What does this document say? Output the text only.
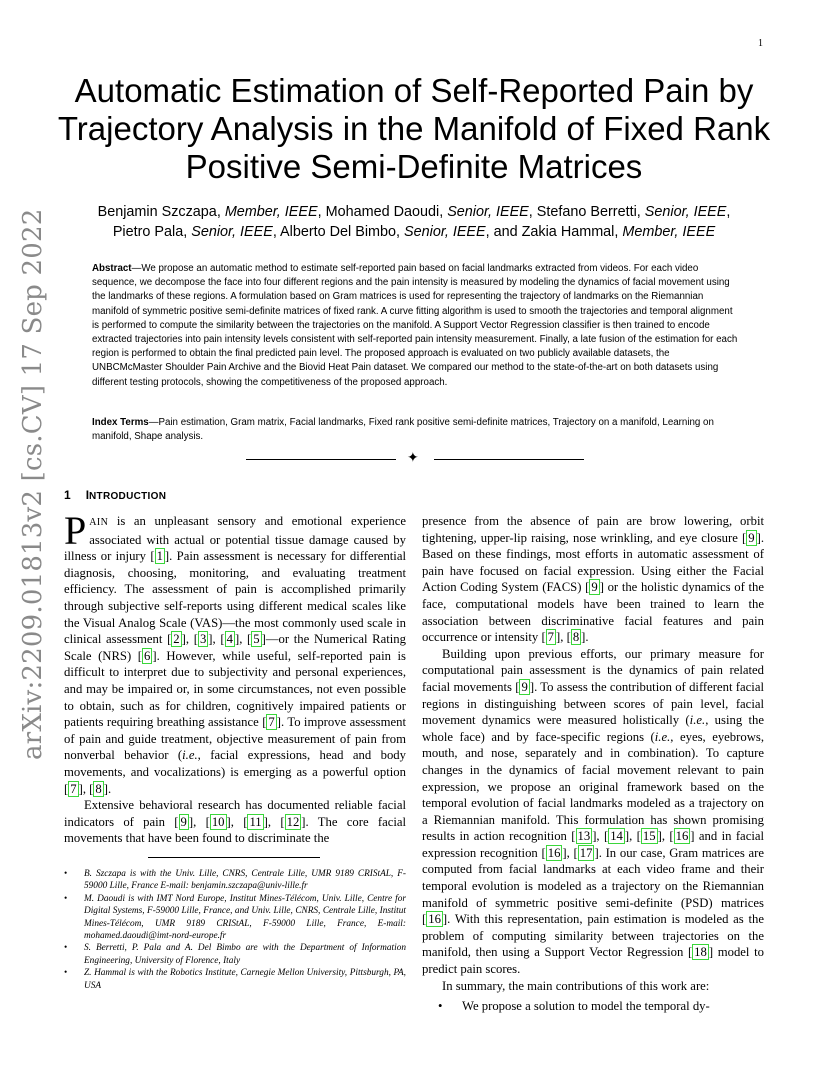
1
arXiv:2209.01813v2 [cs.CV] 17 Sep 2022
Automatic Estimation of Self-Reported Pain by Trajectory Analysis in the Manifold of Fixed Rank Positive Semi-Definite Matrices

Benjamin Szczapa, Member, IEEE, Mohamed Daoudi, Senior, IEEE, Stefano Berretti, Senior, IEEE,
Pietro Pala, Senior, IEEE, Alberto Del Bimbo, Senior, IEEE, and Zakia Hammal, Member, IEEE

Abstract—We propose an automatic method to estimate self-reported pain based on facial landmarks extracted from videos. For each video sequence, we decompose the face into four different regions and the pain intensity is measured by modeling the dynamics of facial movement using the landmarks of these regions. A formulation based on Gram matrices is used for representing the trajectory of landmarks on the Riemannian manifold of symmetric positive semi-definite matrices of fixed rank. A curve fitting algorithm is used to smooth the trajectories and temporal alignment is performed to compute the similarity between the trajectories on the manifold. A Support Vector Regression classifier is then trained to encode extracted trajectories into pain intensity levels consistent with self-reported pain intensity measurement. Finally, a late fusion of the estimation for each region is performed to obtain the final predicted pain level. The proposed approach is evaluated on two publicly available datasets, the UNBCMcMaster Shoulder Pain Archive and the Biovid Heat Pain dataset. We compared our method to the state-of-the-art on both datasets using different testing protocols, showing the competitiveness of the proposed approach.

Index Terms—Pain estimation, Gram matrix, Facial landmarks, Fixed rank positive semi-definite matrices, Trajectory on a manifold, Learning on manifold, Shape analysis.

✦
1 INTRODUCTION

PAIN is an unpleasant sensory and emotional experience associated with actual or potential tissue damage caused by illness or injury [ 1 ]. Pain assessment is necessary for differential diagnosis, choosing, monitoring, and evaluating treatment efficiency. The assessment of pain is accomplished primarily through subjective self-reports using different medical scales like the Visual Analog Scale (VAS)—the most commonly used scale in clinical assessment [ 2 ], [ 3 ], [ 4 ], [ 5 ]—or the Numerical Rating Scale (NRS) [ 6 ]. However, while useful, self-reported pain is difficult to interpret due to subjectivity and personal experiences, and may be impaired or, in some circumstances, not even possible to obtain, such as for children, cognitively impaired patients or patients requiring breathing assistance [ 7 ]. To improve assessment of pain and guide treatment, objective measurement of pain from nonverbal behavior (i.e., facial expressions, head and body movements, and vocalizations) is emerging as a powerful option [ 7 ], [ 8 ].

Extensive behavioral research has documented reliable facial indicators of pain [ 9 ], [ 10 ], [ 11 ], [ 12 ]. The core facial movements that have been found to discriminate the

• B. Szczapa is with the Univ. Lille, CNRS, Centrale Lille, UMR 9189 CRIStAL, F-59000 Lille, France E-mail: benjamin.szczapa@univ-lille.fr
• M. Daoudi is with IMT Nord Europe, Institut Mines-Télécom, Univ. Lille, Centre for Digital Systems, F-59000 Lille, France, and Univ. Lille, CNRS, Centrale Lille, Institut Mines-Télécom, UMR 9189 CRIStAL, F-59000 Lille, France, E-mail: mohamed.daoudi@imt-nord-europe.fr
• S. Berretti, P. Pala and A. Del Bimbo are with the Department of Information Engineering, University of Florence, Italy
• Z. Hammal is with the Robotics Institute, Carnegie Mellon University, Pittsburgh, PA, USA

presence from the absence of pain are brow lowering, orbit tightening, upper-lip raising, nose wrinkling, and eye closure [ 9 ]. Based on these findings, most efforts in automatic assessment of pain have focused on facial expression. Using either the Facial Action Coding System (FACS) [ 9 ] or the holistic dynamics of the face, computational models have been trained to learn the association between discriminative facial features and pain occurrence or intensity [ 7 ], [ 8 ].

Building upon previous efforts, our primary measure for computational pain assessment is the dynamics of pain related facial movements [ 9 ]. To assess the contribution of different facial regions in distinguishing between scores of pain level, facial movement dynamics were measured holistically (i.e., using the whole face) and by face-specific regions (i.e., eyes, eyebrows, mouth, and nose, separately and in combination). To capture changes in the dynamics of facial movement relevant to pain expression, we propose an original framework based on the temporal evolution of facial landmarks modeled as a trajectory on a Riemannian manifold. This formulation has shown promising results in action recognition [ 13 ], [ 14 ], [ 15 ], [ 16 ] and in facial expression recognition [ 16 ], [ 17 ]. In our case, Gram matrices are computed from facial landmarks at each video frame and their temporal evolution is modeled as a trajectory on the Riemannian manifold of symmetric positive semi-definite (PSD) matrices [ 16 ]. With this representation, pain estimation is modeled as the problem of computing similarity between trajectories on the manifold, then using a Support Vector Regression [ 18 ] model to predict pain scores.

In summary, the main contributions of this work are:

• We propose a solution to model the temporal dy-
